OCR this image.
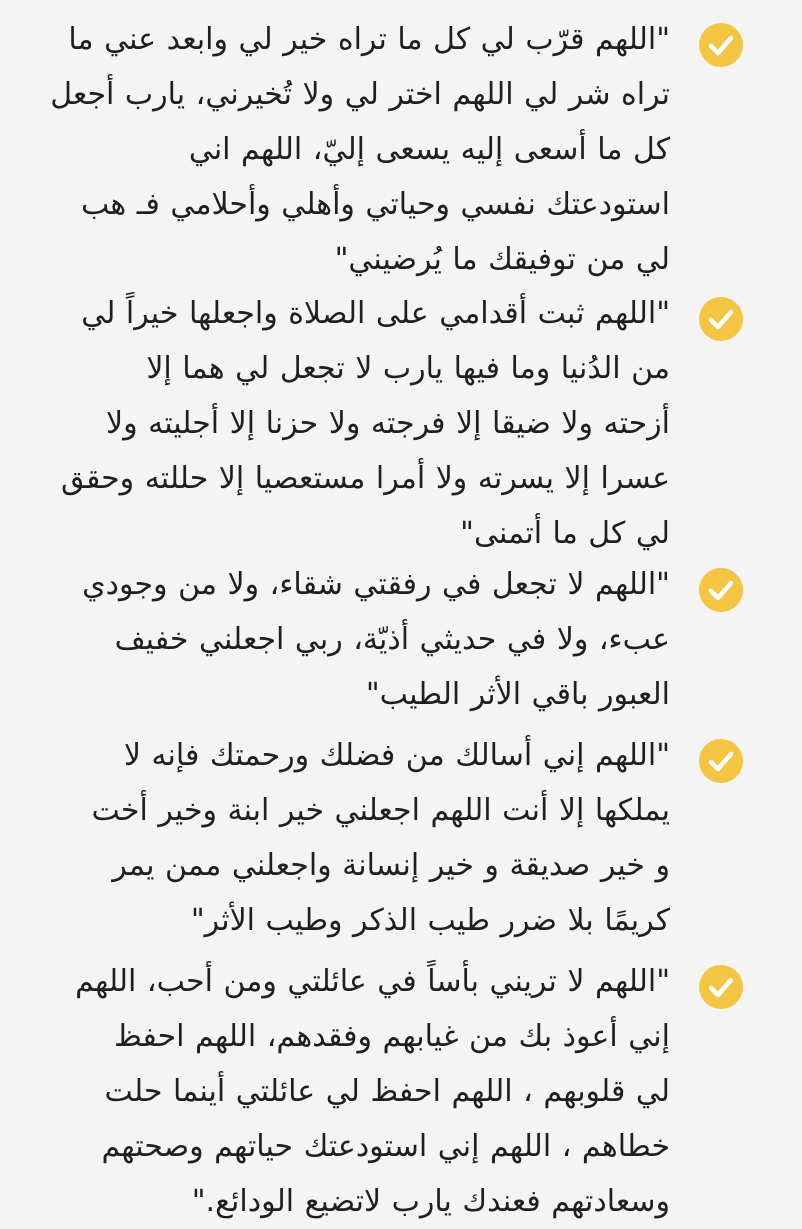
"اللهم قرّب لي كل ما تراه خير لي وابعد عني ما
تراه شر لي اللهم اختر لي ولا تُخيرني، يارب أجعل
كل ما أسعى إليه يسعى إليّ، اللهم اني
استودعتك نفسي وحياتي وأهلي وأحلامي فـ هب
لي من توفيقك ما يُرضيني"
"اللهم ثبت أقدامي على الصلاة واجعلها خيراً لي
من الدُنيا وما فيها يارب لا تجعل لي هما إلا
أزحته ولا ضيقا إلا فرجته ولا حزنا إلا أجليته ولا
عسرا إلا يسرته ولا أمرا مستعصيا إلا حللته وحقق
لي كل ما أتمنى"
"اللهم لا تجعل في رفقتي شقاء، ولا من وجودي
عبء، ولا في حديثي أذيّة، ربي اجعلني خفيف
العبور باقي الأثر الطيب"
"اللهم إني أسالك من فضلك ورحمتك فإنه لا
يملكها إلا أنت اللهم اجعلني خير ابنة وخير أخت
و خير صديقة و خير إنسانة واجعلني ممن يمر
كريمًا بلا ضرر طيب الذكر وطيب الأثر"
"اللهم لا تريني بأساً في عائلتي ومن أحب، اللهم
إني أعوذ بك من غيابهم وفقدهم، اللهم احفظ
لي قلوبهم ، اللهم احفظ لي عائلتي أينما حلت
خطاهم ، اللهم إني استودعتك حياتهم وصحتهم
وسعادتهم فعندك يارب لاتضيع الودائع."
